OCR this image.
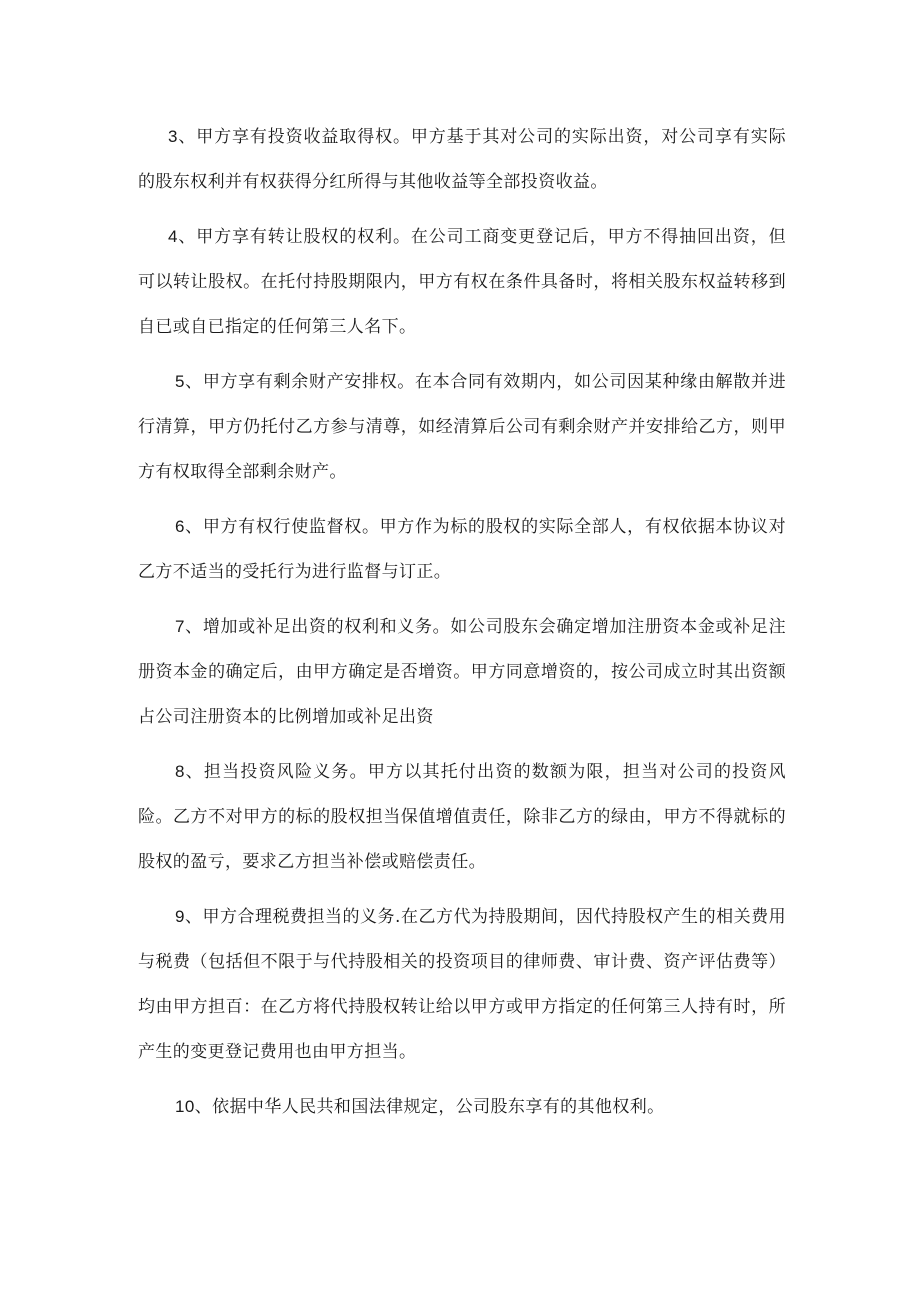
3、甲方享有投资收益取得权。甲方基于其对公司的实际出资，对公司享有实际的股东权利并有权获得分红所得与其他收益等全部投资收益。

4、甲方享有转让股权的权利。在公司工商变更登记后，甲方不得抽回出资，但可以转让股权。在托付持股期限内，甲方有权在条件具备时，将相关股东权益转移到自已或自已指定的任何第三人名下。

5、甲方享有剩余财产安排权。在本合同有效期内，如公司因某种缘由解散并进行清算，甲方仍托付乙方参与清尊，如经清算后公司有剩余财产并安排给乙方，则甲方有权取得全部剩余财产。

6、甲方有权行使监督权。甲方作为标的股权的实际全部人，有权依据本协议对乙方不适当的受托行为进行监督与订正。

7、增加或补足出资的权利和义务。如公司股东会确定增加注册资本金或补足注册资本金的确定后，由甲方确定是否增资。甲方同意增资的，按公司成立时其出资额占公司注册资本的比例增加或补足出资

8、担当投资风险义务。甲方以其托付出资的数额为限，担当对公司的投资风险。乙方不对甲方的标的股权担当保值增值责任，除非乙方的绿由，甲方不得就标的股权的盈亏，要求乙方担当补偿或赔偿责任。

9、甲方合理税费担当的义务.在乙方代为持股期间，因代持股权产生的相关费用与税费（包括但不限于与代持股相关的投资项目的律师费、审计费、资产评估费等）均由甲方担百：在乙方将代持股权转让给以甲方或甲方指定的任何第三人持有时，所产生的变更登记费用也由甲方担当。

10、依据中华人民共和国法律规定，公司股东享有的其他权利。
